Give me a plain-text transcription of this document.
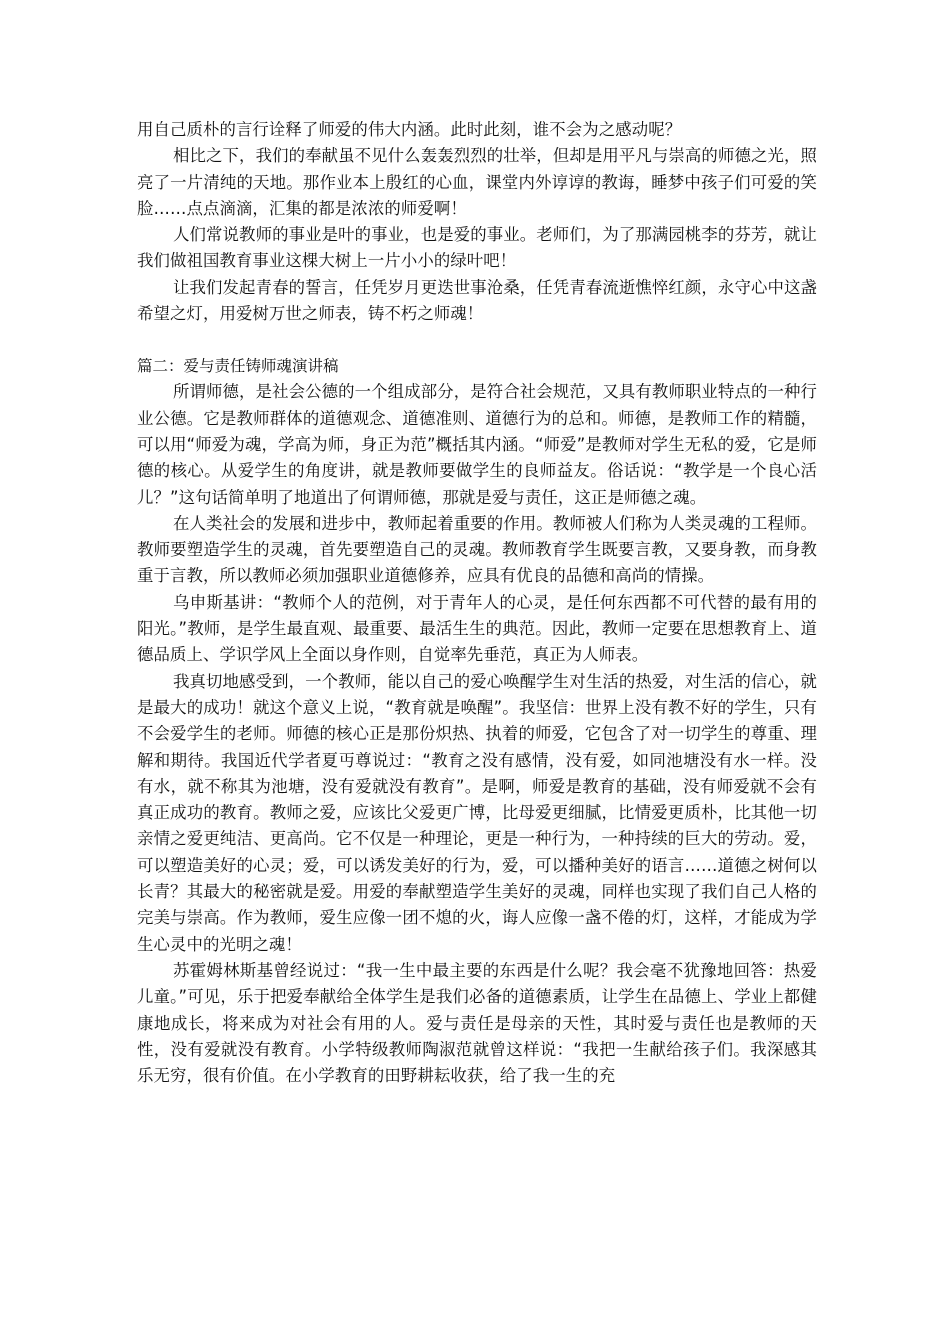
用自己质朴的言行诠释了师爱的伟大内涵。此时此刻，谁不会为之感动呢？

相比之下，我们的奉献虽不见什么轰轰烈烈的壮举，但却是用平凡与崇高的师德之光，照亮了一片清纯的天地。那作业本上殷红的心血，课堂内外谆谆的教诲，睡梦中孩子们可爱的笑脸……点点滴滴，汇集的都是浓浓的师爱啊！

人们常说教师的事业是叶的事业，也是爱的事业。老师们，为了那满园桃李的芬芳，就让我们做祖国教育事业这棵大树上一片小小的绿叶吧！

让我们发起青春的誓言，任凭岁月更迭世事沧桑，任凭青春流逝憔悴红颜，永守心中这盏希望之灯，用爱树万世之师表，铸不朽之师魂！

篇二：爱与责任铸师魂演讲稿

所谓师德，是社会公德的一个组成部分，是符合社会规范，又具有教师职业特点的一种行业公德。它是教师群体的道德观念、道德准则、道德行为的总和。师德，是教师工作的精髓，可以用“师爱为魂，学高为师，身正为范”概括其内涵。“师爱”是教师对学生无私的爱，它是师德的核心。从爱学生的角度讲，就是教师要做学生的良师益友。俗话说：“教学是一个良心活儿？”这句话简单明了地道出了何谓师德，那就是爱与责任，这正是师德之魂。

在人类社会的发展和进步中，教师起着重要的作用。教师被人们称为人类灵魂的工程师。教师要塑造学生的灵魂，首先要塑造自己的灵魂。教师教育学生既要言教，又要身教，而身教重于言教，所以教师必须加强职业道德修养，应具有优良的品德和高尚的情操。

乌申斯基讲：“教师个人的范例，对于青年人的心灵，是任何东西都不可代替的最有用的阳光。”教师，是学生最直观、最重要、最活生生的典范。因此，教师一定要在思想教育上、道德品质上、学识学风上全面以身作则，自觉率先垂范，真正为人师表。

我真切地感受到，一个教师，能以自己的爱心唤醒学生对生活的热爱，对生活的信心，就是最大的成功！就这个意义上说，“教育就是唤醒”。我坚信：世界上没有教不好的学生，只有不会爱学生的老师。师德的核心正是那份炽热、执着的师爱，它包含了对一切学生的尊重、理解和期待。我国近代学者夏丏尊说过：“教育之没有感情，没有爱，如同池塘没有水一样。没有水，就不称其为池塘，没有爱就没有教育”。是啊，师爱是教育的基础，没有师爱就不会有真正成功的教育。教师之爱，应该比父爱更广博，比母爱更细腻，比情爱更质朴，比其他一切亲情之爱更纯洁、更高尚。它不仅是一种理论，更是一种行为，一种持续的巨大的劳动。爱，可以塑造美好的心灵；爱，可以诱发美好的行为，爱，可以播种美好的语言……道德之树何以长青？其最大的秘密就是爱。用爱的奉献塑造学生美好的灵魂，同样也实现了我们自己人格的完美与崇高。作为教师，爱生应像一团不熄的火，诲人应像一盏不倦的灯，这样，才能成为学生心灵中的光明之魂！

苏霍姆林斯基曾经说过：“我一生中最主要的东西是什么呢？我会毫不犹豫地回答：热爱儿童。”可见，乐于把爱奉献给全体学生是我们必备的道德素质，让学生在品德上、学业上都健康地成长，将来成为对社会有用的人。爱与责任是母亲的天性，其时爱与责任也是教师的天性，没有爱就没有教育。小学特级教师陶淑范就曾这样说：“我把一生献给孩子们。我深感其乐无穷，很有价值。在小学教育的田野耕耘收获，给了我一生的充
